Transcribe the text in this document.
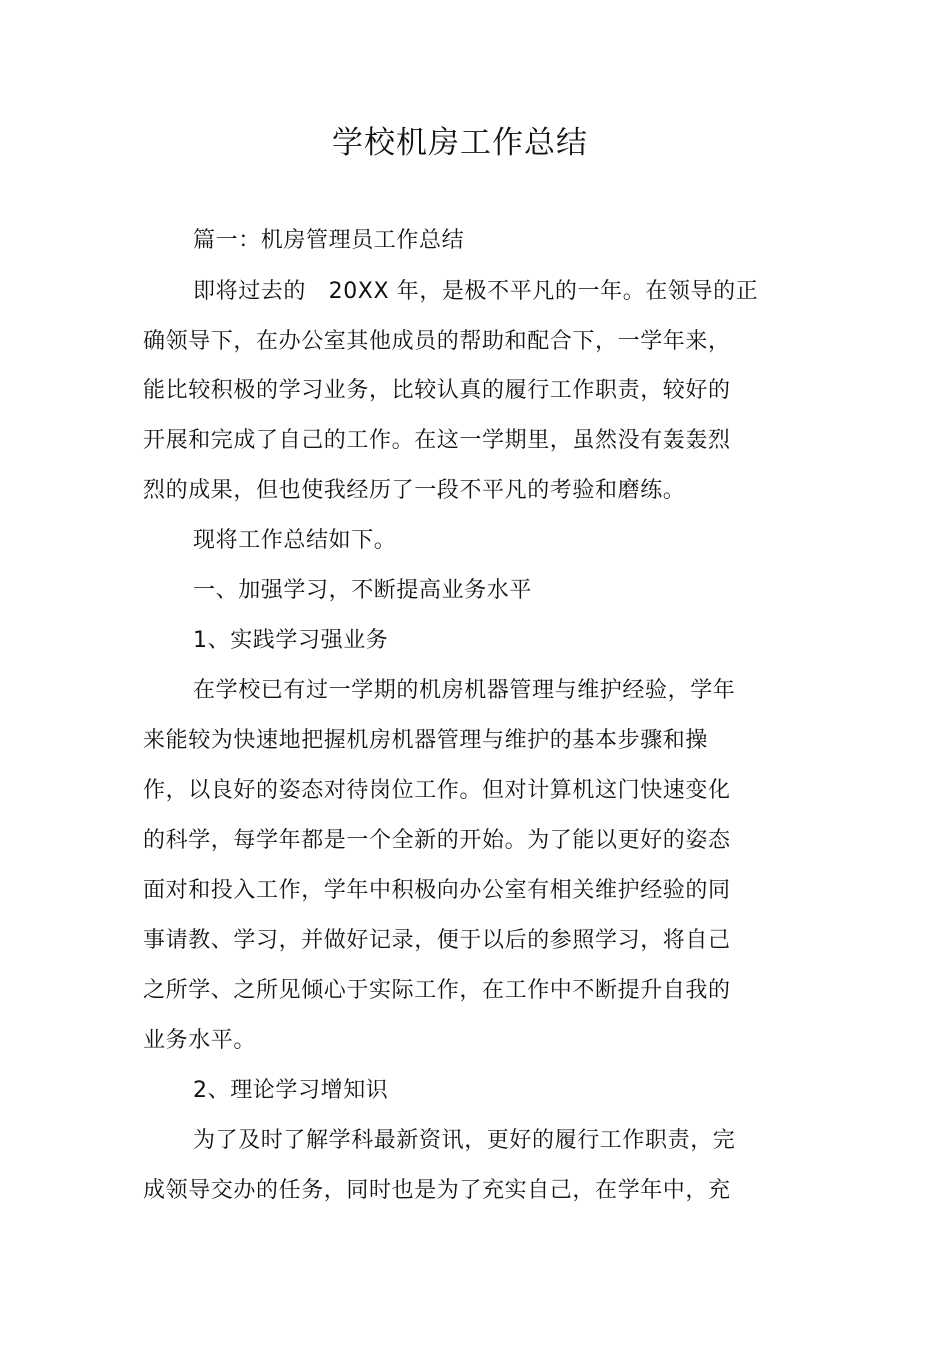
学校机房工作总结
篇一：机房管理员工作总结
即将过去的　20XX 年，是极不平凡的一年。在领导的正
确领导下，在办公室其他成员的帮助和配合下，一学年来，
能比较积极的学习业务，比较认真的履行工作职责，较好的
开展和完成了自己的工作。在这一学期里，虽然没有轰轰烈
烈的成果，但也使我经历了一段不平凡的考验和磨练。
现将工作总结如下。
一、加强学习，不断提高业务水平
1、实践学习强业务
在学校已有过一学期的机房机器管理与维护经验，学年
来能较为快速地把握机房机器管理与维护的基本步骤和操
作，以良好的姿态对待岗位工作。但对计算机这门快速变化
的科学，每学年都是一个全新的开始。为了能以更好的姿态
面对和投入工作，学年中积极向办公室有相关维护经验的同
事请教、学习，并做好记录，便于以后的参照学习，将自己
之所学、之所见倾心于实际工作，在工作中不断提升自我的
业务水平。
2、理论学习增知识
为了及时了解学科最新资讯，更好的履行工作职责，完
成领导交办的任务，同时也是为了充实自己，在学年中，充
